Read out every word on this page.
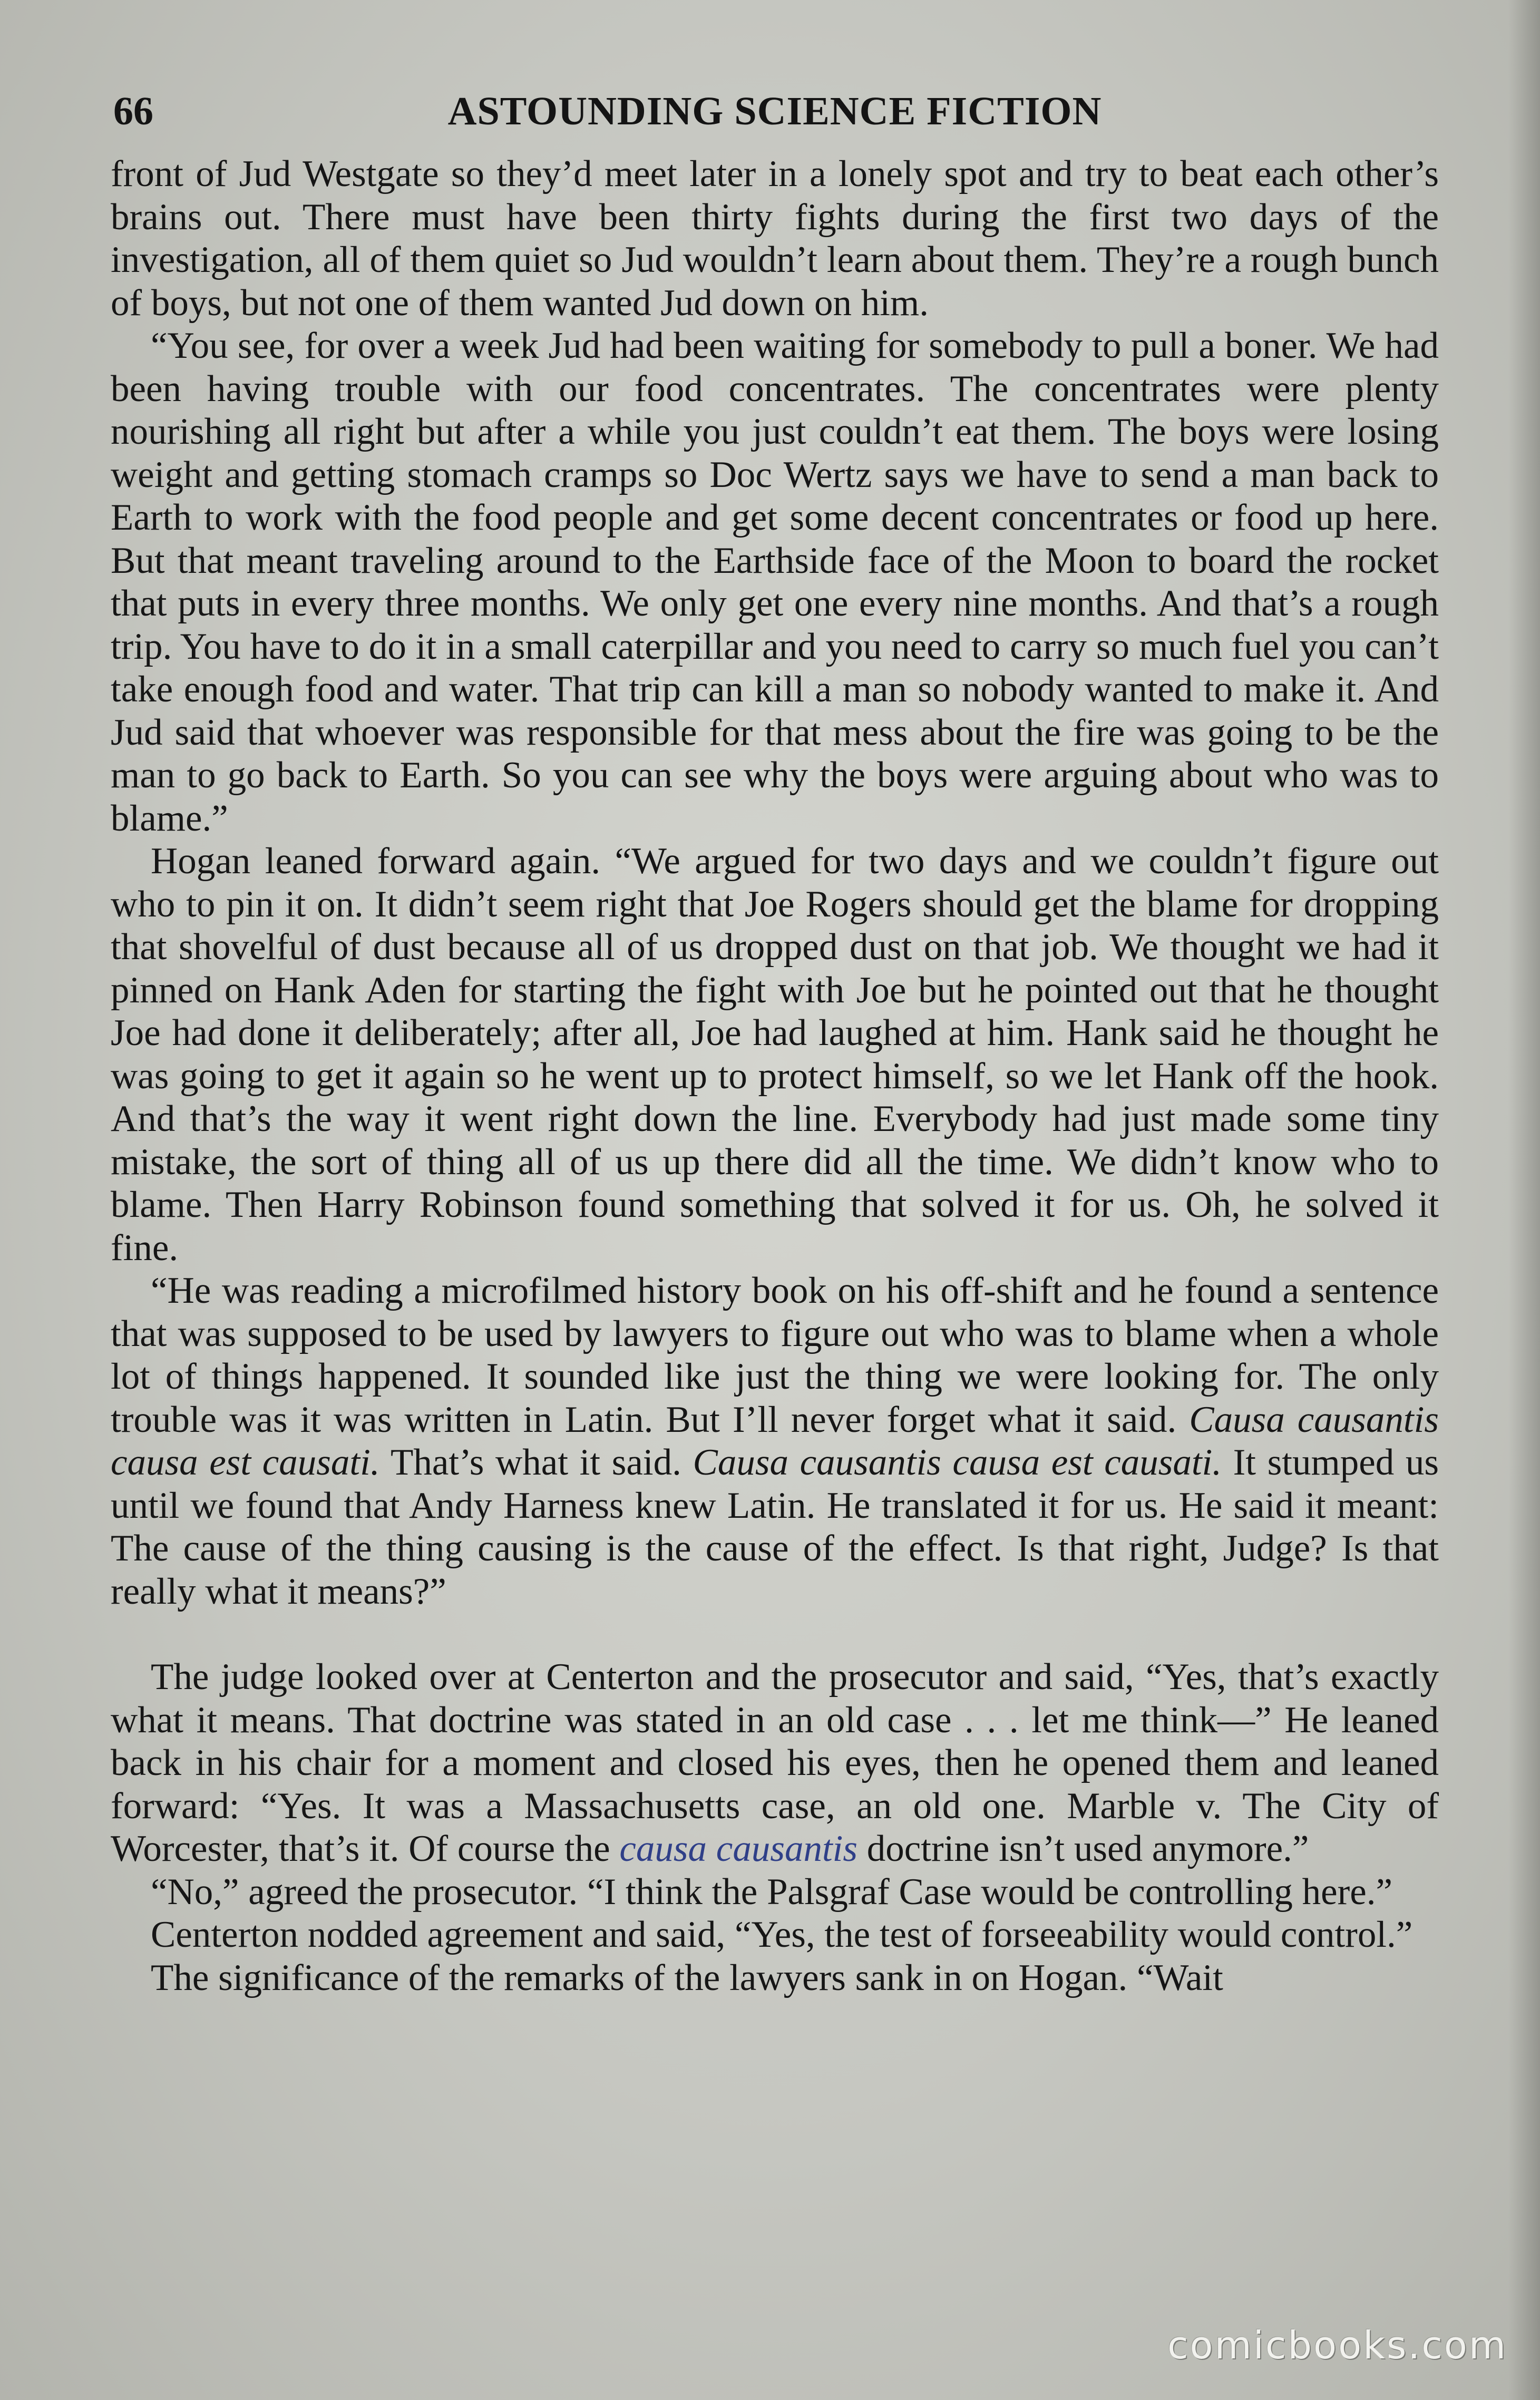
66	ASTOUNDING SCIENCE FICTION

front of Jud Westgate so they’d meet later in a lonely spot and try to beat each other’s brains out. There must have been thirty fights during the first two days of the investigation, all of them quiet so Jud wouldn’t learn about them. They’re a rough bunch of boys, but not one of them wanted Jud down on him.

“You see, for over a week Jud had been waiting for somebody to pull a boner. We had been having trouble with our food concentrates. The concentrates were plenty nourishing all right but after a while you just couldn’t eat them. The boys were losing weight and getting stomach cramps so Doc Wertz says we have to send a man back to Earth to work with the food people and get some decent concentrates or food up here. But that meant traveling around to the Earthside face of the Moon to board the rocket that puts in every three months. We only get one every nine months. And that’s a rough trip. You have to do it in a small caterpillar and you need to carry so much fuel you can’t take enough food and water. That trip can kill a man so nobody wanted to make it. And Jud said that whoever was responsible for that mess about the fire was going to be the man to go back to Earth. So you can see why the boys were arguing about who was to blame.”

Hogan leaned forward again. “We argued for two days and we couldn’t figure out who to pin it on. It didn’t seem right that Joe Rogers should get the blame for dropping that shovelful of dust because all of us dropped dust on that job. We thought we had it pinned on Hank Aden for starting the fight with Joe but he pointed out that he thought Joe had done it deliberately; after all, Joe had laughed at him. Hank said he thought he was going to get it again so he went up to protect himself, so we let Hank off the hook. And that’s the way it went right down the line. Everybody had just made some tiny mistake, the sort of thing all of us up there did all the time. We didn’t know who to blame. Then Harry Robinson found something that solved it for us. Oh, he solved it fine.

“He was reading a microfilmed history book on his off-shift and he found a sentence that was supposed to be used by lawyers to figure out who was to blame when a whole lot of things happened. It sounded like just the thing we were looking for. The only trouble was it was written in Latin. But I’ll never forget what it said. Causa causantis causa est causati. That’s what it said. Causa causantis causa est causati. It stumped us until we found that Andy Harness knew Latin. He translated it for us. He said it meant: The cause of the thing causing is the cause of the effect. Is that right, Judge? Is that really what it means?”

The judge looked over at Centerton and the prosecutor and said, “Yes, that’s exactly what it means. That doctrine was stated in an old case . . . let me think—” He leaned back in his chair for a moment and closed his eyes, then he opened them and leaned forward: “Yes. It was a Massachusetts case, an old one. Marble v. The City of Worcester, that’s it. Of course the causa causantis doctrine isn’t used anymore.”

“No,” agreed the prosecutor. “I think the Palsgraf Case would be controlling here.”

Centerton nodded agreement and said, “Yes, the test of forseeability would control.”

The significance of the remarks of the lawyers sank in on Hogan. “Wait

comicbooks.com
